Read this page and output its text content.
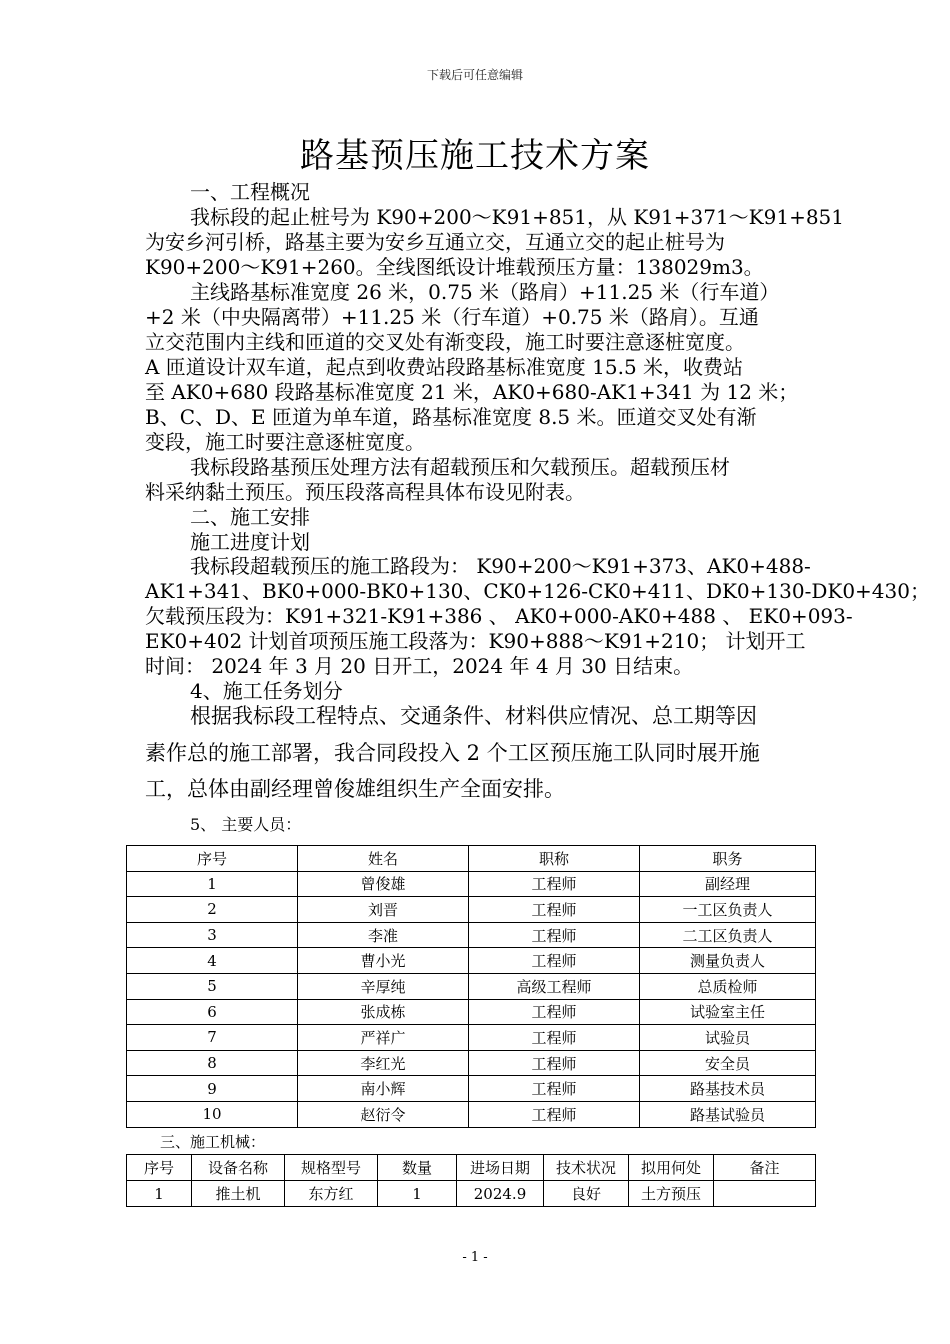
下载后可任意编辑
路基预压施工技术方案
一、工程概况
我标段的起止桩号为 K90+200～K91+851，从 K91+371～K91+851
为安乡河引桥，路基主要为安乡互通立交，互通立交的起止桩号为
K90+200～K91+260。全线图纸设计堆载预压方量：138029m3。
主线路基标准宽度 26 米，0.75 米（路肩）+11.25 米（行车道）
+2 米（中央隔离带）+11.25 米（行车道）+0.75 米（路肩）。互通
立交范围内主线和匝道的交叉处有渐变段，施工时要注意逐桩宽度。
A 匝道设计双车道，起点到收费站段路基标准宽度 15.5 米，收费站
至 AK0+680 段路基标准宽度 21 米，AK0+680-AK1+341 为 12 米；
B、C、D、E 匝道为单车道，路基标准宽度 8.5 米。匝道交叉处有渐
变段，施工时要注意逐桩宽度。
我标段路基预压处理方法有超载预压和欠载预压。超载预压材
料采纳黏土预压。预压段落高程具体布设见附表。
二、施工安排
施工进度计划
我标段超载预压的施工路段为： K90+200～K91+373、AK0+488-
AK1+341、BK0+000-BK0+130、CK0+126-CK0+411、DK0+130-DK0+430；
欠载预压段为：K91+321-K91+386 、 AK0+000-AK0+488 、 EK0+093-
EK0+402 计划首项预压施工段落为：K90+888～K91+210； 计划开工
时间： 2024 年 3 月 20 日开工，2024 年 4 月 30 日结束。
4、施工任务划分
根据我标段工程特点、交通条件、材料供应情况、总工期等因
素作总的施工部署，我合同段投入 2 个工区预压施工队同时展开施
工，总体由副经理曾俊雄组织生产全面安排。
5、 主要人员：
序号	姓名	职称	职务
1	曾俊雄	工程师	副经理
2	刘晋	工程师	一工区负责人
3	李准	工程师	二工区负责人
4	曹小光	工程师	测量负责人
5	辛厚纯	高级工程师	总质检师
6	张成栋	工程师	试验室主任
7	严祥广	工程师	试验员
8	李红光	工程师	安全员
9	南小辉	工程师	路基技术员
10	赵衍令	工程师	路基试验员
三、施工机械：
序号	设备名称	规格型号	数量	进场日期	技术状况	拟用何处	备注
1	推土机	东方红	1	2024.9	良好	土方预压	
- 1 -
